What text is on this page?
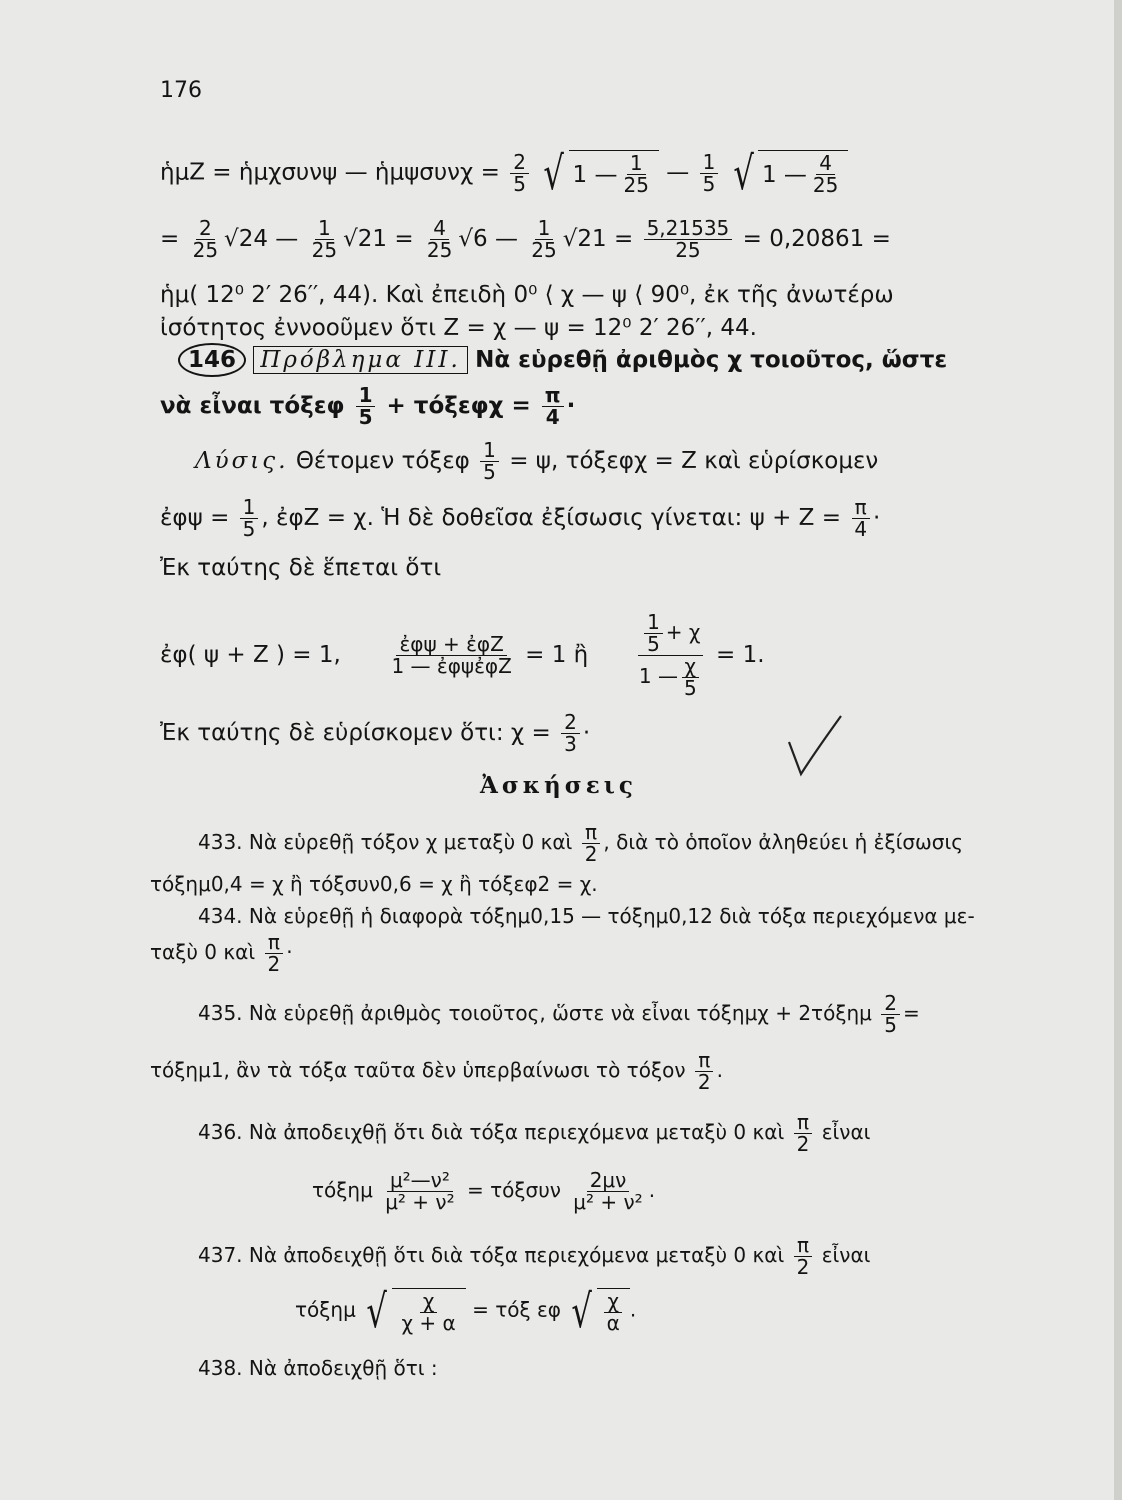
176
ἡμΖ = ἡμχσυνψ — ἡμψσυνχ = $\frac{2}{5}$
√ 1 — $\frac{1}{25}$ — $\frac{1}{5}$
√ 1 — $\frac{4}{25}$
= $\frac{2}{25} √24$ — $\frac{1}{25} √21 = \frac{4}{25} √6$ — $\frac{1}{25} √21 = \frac{5,21535}{25} = 0,20861$ =
ἡμ( 12⁰ 2′ 26′′, 44). Καὶ ἐπειδὴ 0⁰ ⟨ χ — ψ ⟨ 90⁰, ἐκ τῆς ἀνωτέρω
ἰσότητος ἐννοοῦμεν ὅτι Ζ = χ — ψ = 12⁰ 2′ 26′′, 44.
146 Πρόβλημα ΙΙΙ. Νὰ εὑρεθῇ ἀριθμὸς χ τοιοῦτος, ὥστε
νὰ εἶναι τόξεφ $\frac{1}{5} + \tau ό\xi\varepsilon\varphi\chi = \frac{\pi}{4}$ ·
Λύσις. Θέτομεν τόξεφ $\frac{1}{5} = \psi$, τόξεφχ = Ζ καὶ εὑρίσκομεν
ἐφψ = $\frac{1}{5}$ , ἐφΖ = χ. Ἡ δὲ δοθεῖσα ἐξίσωσις γίνεται: $\psi + Z = \frac{\pi}{4}$ ·
Ἐκ ταύτης δὲ ἕπεται ὅτι
ἐφ( ψ + Ζ ) = 1, $\frac{\text{ἐφψ + ἐφΖ}}{\text{1 — ἐφψἐφΖ}} = 1$ ἢ $\frac{\frac{1}{5} + \chi}{1 — \frac{\chi}{5}} = 1$.
Ἐκ ταύτης δὲ εὑρίσκομεν ὅτι: $\chi = \frac{2}{3}$ ·
Ἀσκήσεις
433. Νὰ εὑρεθῇ τόξον χ μεταξὺ 0 καὶ $\frac{\pi}{2}$ , διὰ τὸ ὁποῖον ἀληθεύει ἡ ἐξίσωσις
τόξημ0,4 = χ ἢ τόξσυν0,6 = χ ἢ τόξεφ2 = χ.
434. Νὰ εὑρεθῇ ἡ διαφορὰ τόξημ0,15 — τόξημ0,12 διὰ τόξα περιεχόμενα με-
ταξὺ 0 καὶ $\frac{\pi}{2}$ ·
435. Νὰ εὑρεθῇ ἀριθμὸς τοιοῦτος, ὥστε νὰ εἶναι $\tau ό\xi\eta\mu\chi + 2\tau ό\xi\eta\mu \frac{2}{5}$ =
τόξημ1, ἂν τὰ τόξα ταῦτα δὲν ὑπερβαίνωσι τὸ τόξον $\frac{\pi}{2}$ .
436. Νὰ ἀποδειχθῇ ὅτι διὰ τόξα περιεχόμενα μεταξὺ 0 καὶ $\frac{\pi}{2}$ εἶναι
τόξημ $\frac{\text{μ²—ν²}}{\text{μ² + ν²}} = \tau ό\xi\sigma\upsilon\nu \frac{2\mu\nu}{\text{μ² + ν²}}$ .
437. Νὰ ἀποδειχθῇ ὅτι διὰ τόξα περιεχόμενα μεταξὺ 0 καὶ $\frac{\pi}{2}$ εἶναι
τόξημ √ $\frac{\chi}{\chi + \alpha} = \tau ό\xi$ εφ √ $\frac{\chi}{\alpha}$ .
438. Νὰ ἀποδειχθῇ ὅτι :
